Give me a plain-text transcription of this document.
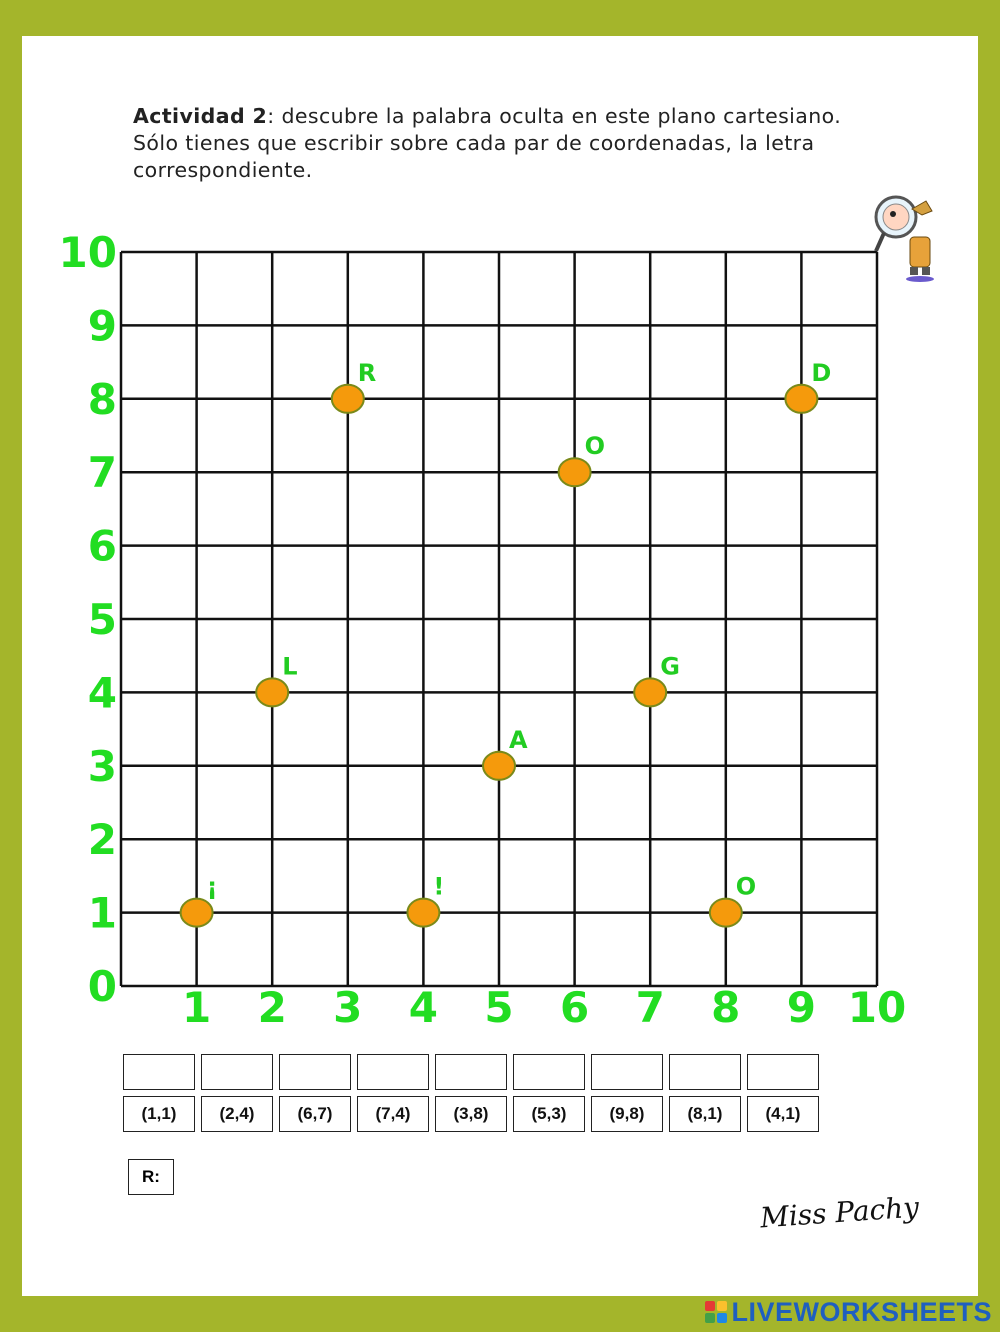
Actividad 2: descubre la palabra oculta en este plano cartesiano.
Sólo tienes que escribir sobre cada par de coordenadas, la letra
correspondiente.

0
1
2
3
4
5
6
7
8
9
10
1 2 3 4 5 6 7 8 9 10
¡
L
R
!
A
O
G
O
D
(1,1)	(2,4)	(6,7)	(7,4)	(3,8)	(5,3)	(9,8)	(8,1)	(4,1)
R:
Miss Pachy
LIVEWORKSHEETS
